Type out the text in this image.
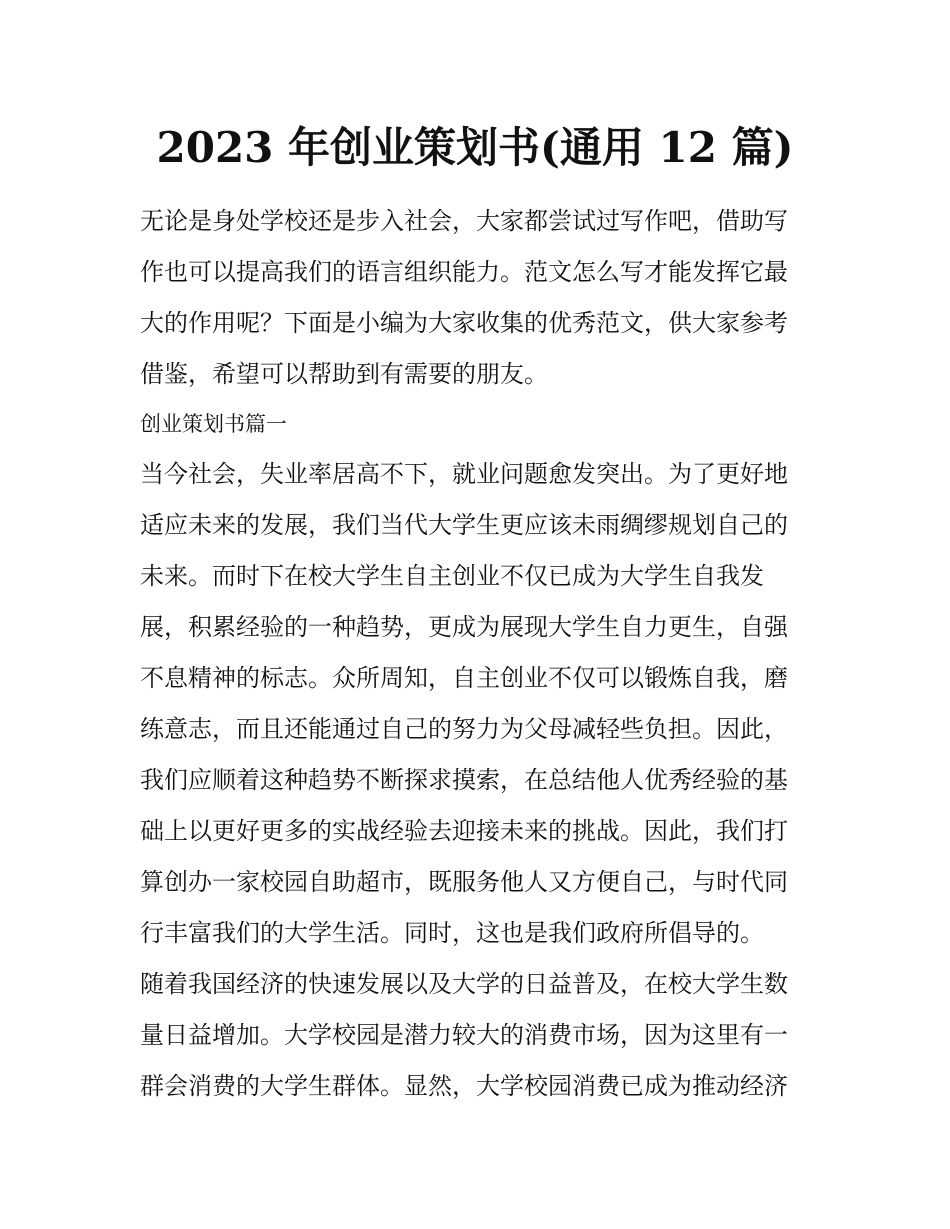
2023 年创业策划书(通用 12 篇)
无论是身处学校还是步入社会，大家都尝试过写作吧，借助写
作也可以提高我们的语言组织能力。范文怎么写才能发挥它最
大的作用呢？下面是小编为大家收集的优秀范文，供大家参考
借鉴，希望可以帮助到有需要的朋友。
创业策划书篇一
当今社会，失业率居高不下，就业问题愈发突出。为了更好地
适应未来的发展，我们当代大学生更应该未雨绸缪规划自己的
未来。而时下在校大学生自主创业不仅已成为大学生自我发
展，积累经验的一种趋势，更成为展现大学生自力更生，自强
不息精神的标志。众所周知，自主创业不仅可以锻炼自我，磨
练意志，而且还能通过自己的努力为父母减轻些负担。因此，
我们应顺着这种趋势不断探求摸索，在总结他人优秀经验的基
础上以更好更多的实战经验去迎接未来的挑战。因此，我们打
算创办一家校园自助超市，既服务他人又方便自己，与时代同
行丰富我们的大学生活。同时，这也是我们政府所倡导的。
随着我国经济的快速发展以及大学的日益普及，在校大学生数
量日益增加。大学校园是潜力较大的消费市场，因为这里有一
群会消费的大学生群体。显然，大学校园消费已成为推动经济
